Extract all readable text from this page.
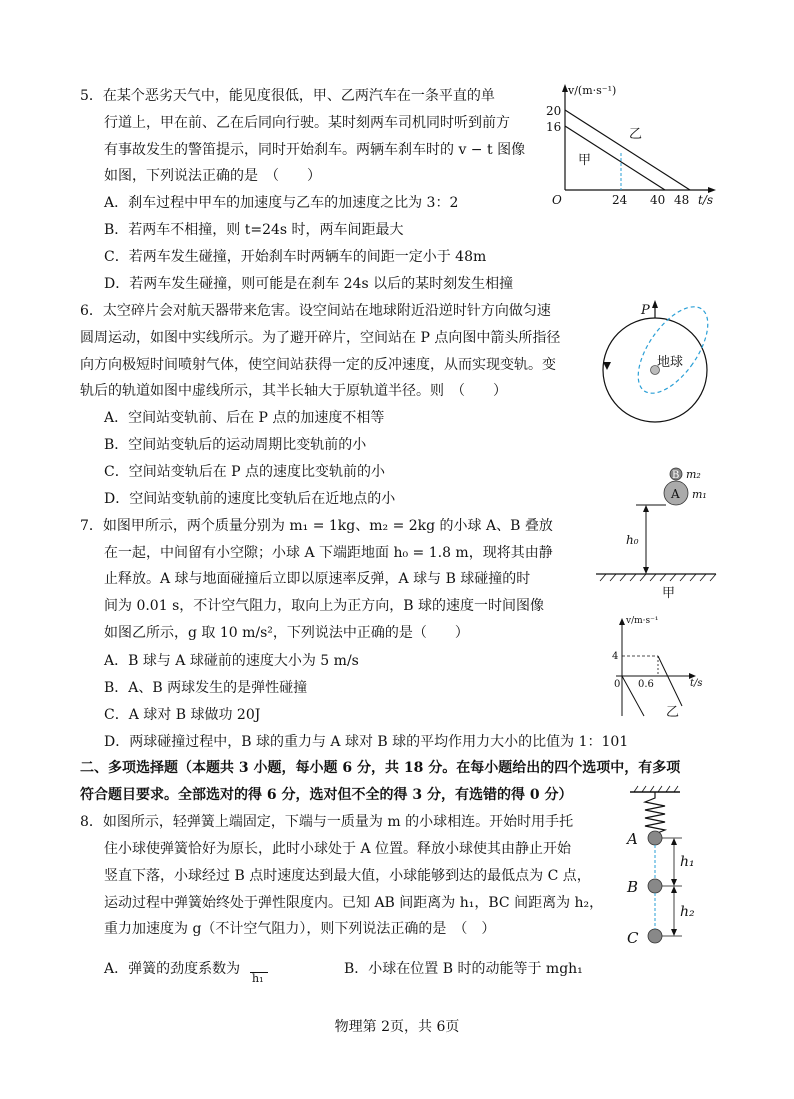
5．在某个恶劣天气中，能见度很低，甲、乙两汽车在一条平直的单
行道上，甲在前、乙在后同向行驶。某时刻两车司机同时听到前方
有事故发生的警笛提示，同时开始刹车。两辆车刹车时的 v − t 图像
如图，下列说法正确的是　（　　）
A．刹车过程中甲车的加速度与乙车的加速度之比为 3：2
B．若两车不相撞，则 t=24s 时，两车间距最大
C．若两车发生碰撞，开始刹车时两辆车的间距一定小于 48m
D．若两车发生碰撞，则可能是在刹车 24s 以后的某时刻发生相撞
v/(m·s⁻¹)
t/s
O
20
16
24 40 48
甲
乙
6．太空碎片会对航天器带来危害。设空间站在地球附近沿逆时针方向做匀速
圆周运动，如图中实线所示。为了避开碎片，空间站在 P 点向图中箭头所指径
向方向极短时间喷射气体，使空间站获得一定的反冲速度，从而实现变轨。变
轨后的轨道如图中虚线所示，其半长轴大于原轨道半径。则　（　　）
A．空间站变轨前、后在 P 点的加速度不相等
B．空间站变轨后的运动周期比变轨前的小
C．空间站变轨后在 P 点的速度比变轨前的小
D．空间站变轨前的速度比变轨后在近地点的小
P
地球
7．如图甲所示，两个质量分别为 m₁ = 1kg、m₂ = 2kg 的小球 A、B 叠放
在一起，中间留有小空隙；小球 A 下端距地面 h₀ = 1.8 m，现将其由静
止释放。A 球与地面碰撞后立即以原速率反弹，A 球与 B 球碰撞的时
间为 0.01 s，不计空气阻力，取向上为正方向，B 球的速度一时间图像
如图乙所示，g 取 10 m/s²，下列说法中正确的是（　　）
A．B 球与 A 球碰前的速度大小为 5 m/s
B．A、B 两球发生的是弹性碰撞
C．A 球对 B 球做功 20J
D．两球碰撞过程中，B 球的重力与 A 球对 B 球的平均作用力大小的比值为 1：101
B
A
m₂
m₁
h₀
甲
v/m·s⁻¹
t/s
0
4
0.6
乙
二、多项选择题（本题共 3 小题，每小题 6 分，共 18 分。在每小题给出的四个选项中，有多项
符合题目要求。全部选对的得 6 分，选对但不全的得 3 分，有选错的得 0 分）
8．如图所示，轻弹簧上端固定，下端与一质量为 m 的小球相连。开始时用手托
住小球使弹簧恰好为原长，此时小球处于 A 位置。释放小球使其由静止开始
竖直下落，小球经过 B 点时速度达到最大值，小球能够到达的最低点为 C 点，
运动过程中弹簧始终处于弹性限度内。已知 AB 间距离为 h₁，BC 间距离为 h₂，
重力加速度为 g（不计空气阻力），则下列说法正确的是　（　）
A．弹簧的劲度系数为
h₁
B．小球在位置 B 时的动能等于 mgh₁
A
B
C
h₁
h₂
物理第 2页，共 6页
